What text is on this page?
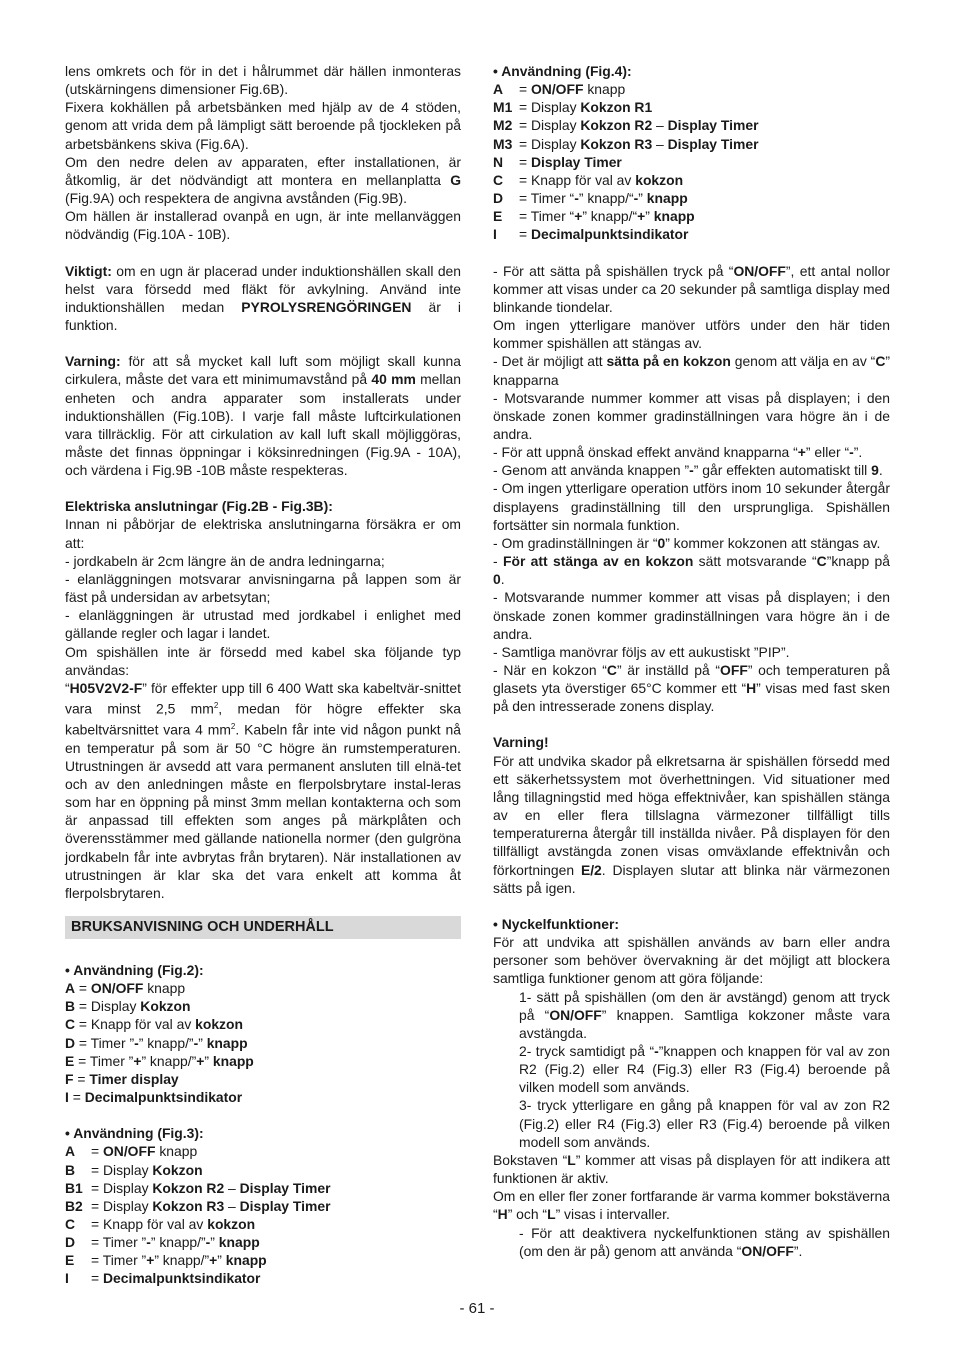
lens omkrets och för in det i hålrummet där hällen inmonteras (utskärningens dimensioner Fig.6B).

Fixera kokhällen på arbetsbänken med hjälp av de 4 stöden, genom att vrida dem på lämpligt sätt beroende på tjockleken på arbetsbänkens skiva (Fig.6A).

Om den nedre delen av apparaten, efter installationen, är åtkomlig, är det nödvändigt att montera en mellanplatta G (Fig.9A) och respektera de angivna avstånden (Fig.9B).

Om hällen är installerad ovanpå en ugn, är inte mellanväggen nödvändig (Fig.10A - 10B).

Viktigt: om en ugn är placerad under induktionshällen skall den helst vara försedd med fläkt för avkylning. Använd inte induktionshällen medan PYROLYSRENGÖRINGEN är i funktion.

Varning: för att så mycket kall luft som möjligt skall kunna cirkulera, måste det vara ett minimumavstånd på 40 mm mellan enheten och andra apparater som installerats under induktionshällen (Fig.10B). I varje fall måste luftcirkulationen vara tillräcklig. För att cirkulation av kall luft skall möjliggöras, måste det finnas öppningar i köksinredningen (Fig.9A - 10A), och värdena i Fig.9B -10B måste respekteras.

Elektriska anslutningar (Fig.2B - Fig.3B):

Innan ni påbörjar de elektriska anslutningarna försäkra er om att:

- jordkabeln är 2cm längre än de andra ledningarna;

- elanläggningen motsvarar anvisningarna på lappen som är fäst på undersidan av arbetsytan;

- elanläggningen är utrustad med jordkabel i enlighet med gällande regler och lagar i landet.

Om spishällen inte är försedd med kabel ska följande typ användas:

“H05V2V2-F” för effekter upp till 6 400 Watt ska kabeltvär-snittet vara minst 2,5 $mm^2$, medan för högre effekter ska kabeltvärsnittet vara 4 $mm^2$. Kabeln får inte vid någon punkt nå en temperatur på som är 50 °C högre än rumstemperaturen. Utrustningen är avsedd att vara permanent ansluten till elnä-tet och av den anledningen måste en flerpolsbrytare instal-leras som har en öppning på minst 3mm mellan kontakterna och som är anpassad till effekten som anges på märkplåten och överensstämmer med gällande nationella normer (den gulgröna jordkabeln får inte avbrytas från brytaren). När installationen av utrustningen är klar ska det vara enkelt att komma åt flerpolsbrytaren.

BRUKSANVISNING OCH UNDERHÅLL

• Användning (Fig.2):

A = ON/OFF knapp

B = Display Kokzon

C = Knapp för val av kokzon

D = Timer ”-” knapp/”-” knapp

E = Timer ”+” knapp/”+” knapp

F = Timer display

I = Decimalpunktsindikator

• Användning (Fig.3):

A	= ON/OFF knapp
B	= Display Kokzon
B1	= Display Kokzon R2 – Display Timer
B2	= Display Kokzon R3 – Display Timer
C	= Knapp för val av kokzon
D	= Timer ”-” knapp/”-” knapp
E	= Timer ”+” knapp/”+” knapp
I	= Decimalpunktsindikator

• Användning (Fig.4):

A	= ON/OFF knapp
M1	= Display Kokzon R1
M2	= Display Kokzon R2 – Display Timer
M3	= Display Kokzon R3 – Display Timer
N	= Display Timer
C	= Knapp för val av kokzon
D	= Timer “-” knapp/“-” knapp
E	= Timer “+” knapp/“+” knapp
I	= Decimalpunktsindikator

- För att sätta på spishällen tryck på “ON/OFF”, ett antal nollor kommer att visas under ca 20 sekunder på samtliga display med blinkande tiondelar.

Om ingen ytterligare manöver utförs under den här tiden kommer spishällen att stängas av.

- Det är möjligt att sätta på en kokzon genom att välja en av “C” knapparna

- Motsvarande nummer kommer att visas på displayen; i den önskade zonen kommer gradinställningen vara högre än i de andra.

- För att uppnå önskad effekt använd knapparna “+” eller “-”.

- Genom att använda knappen ”-” går effekten automatiskt till 9.

- Om ingen ytterligare operation utförs inom 10 sekunder återgår displayens gradinställning till den ursprungliga. Spishällen fortsätter sin normala funktion.

- Om gradinställningen är “0” kommer kokzonen att stängas av.

- För att stänga av en kokzon sätt motsvarande “C”knapp på 0.

- Motsvarande nummer kommer att visas på displayen; i den önskade zonen kommer gradinställningen vara högre än i de andra.

- Samtliga manövrar följs av ett aukustiskt ”PIP”.

- När en kokzon “C” är inställd på “OFF” och temperaturen på glasets yta överstiger 65°C kommer ett “H” visas med fast sken på den intresserade zonens display.

Varning!

För att undvika skador på elkretsarna är spishällen försedd med ett säkerhetssystem mot överhettningen. Vid situationer med lång tillagningstid med höga effektnivåer, kan spishällen stänga av en eller flera tillslagna värmezoner tillfälligt tills temperaturerna återgår till inställda nivåer. På displayen för den tillfälligt avstängda zonen visas omväxlande effektnivån och förkortningen E/2. Displayen slutar att blinka när värmezonen sätts på igen.

• Nyckelfunktioner:

För att undvika att spishällen används av barn eller andra personer som behöver övervakning är det möjligt att blockera samtliga funktioner genom att göra följande:

1- sätt på spishällen (om den är avstängd) genom att tryck på “ON/OFF” knappen. Samtliga kokzoner måste vara avstängda.

2- tryck samtidigt på “-”knappen och knappen för val av zon R2 (Fig.2) eller R4 (Fig.3) eller R3 (Fig.4) beroende på vilken modell som används.

3- tryck ytterligare en gång på knappen för val av zon R2 (Fig.2) eller R4 (Fig.3) eller R3 (Fig.4) beroende på vilken modell som används.

Bokstaven “L” kommer att visas på displayen för att indikera att funktionen är aktiv.

Om en eller fler zoner fortfarande är varma kommer bokstäverna “H” och “L” visas i intervaller.

- För att deaktivera nyckelfunktionen stäng av spishällen (om den är på) genom att använda “ON/OFF”.

- 61 -
